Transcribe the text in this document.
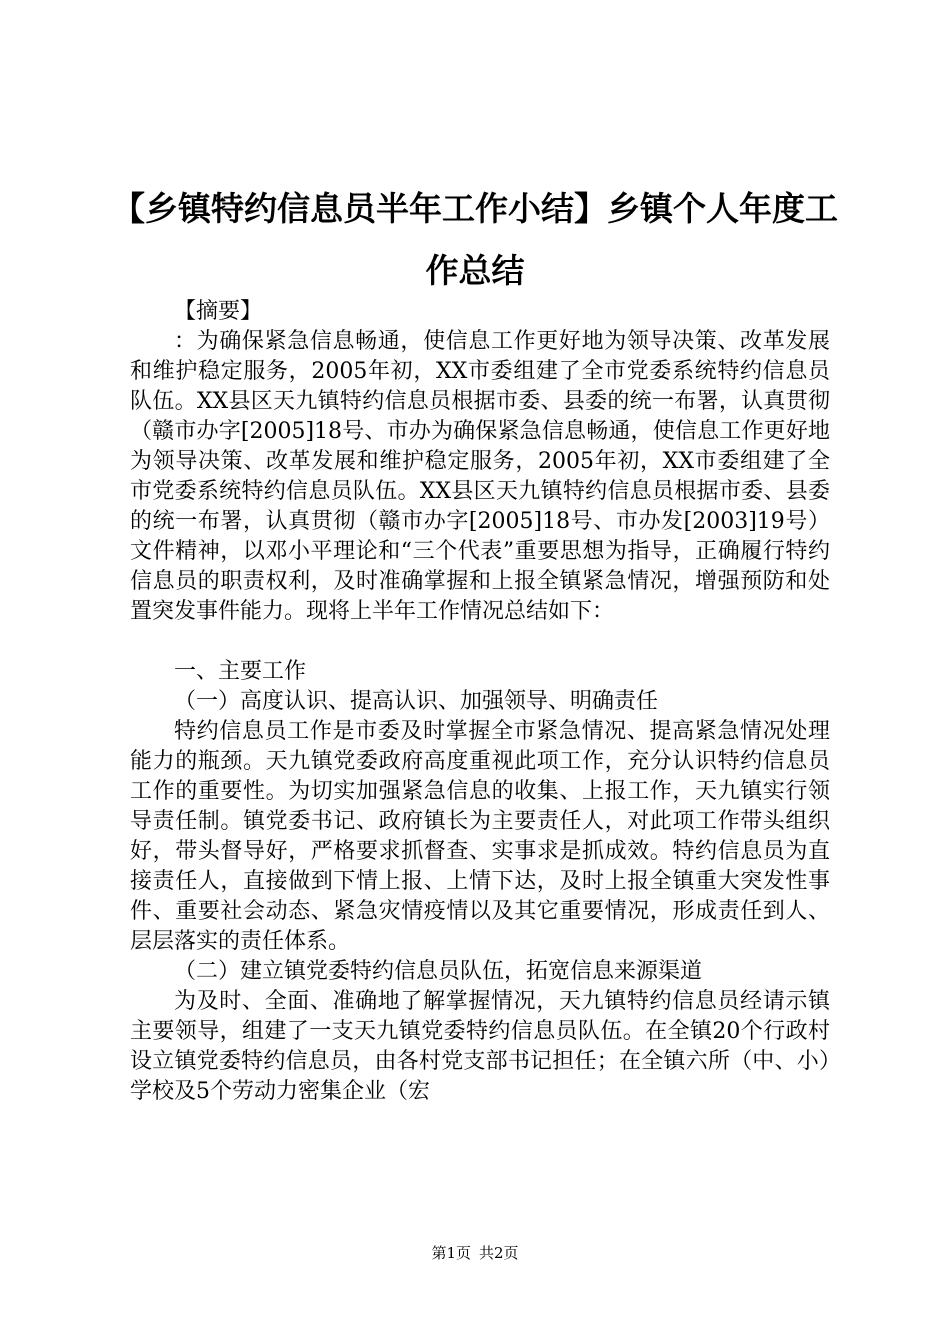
【乡镇特约信息员半年工作小结】乡镇个人年度工作总结

【摘要】

：为确保紧急信息畅通，使信息工作更好地为领导决策、改革发展和维护稳定服务，2005年初，XX市委组建了全市党委系统特约信息员队伍。XX县区天九镇特约信息员根据市委、县委的统一布署，认真贯彻（赣市办字[2005]18号、市办为确保紧急信息畅通，使信息工作更好地为领导决策、改革发展和维护稳定服务，2005年初，XX市委组建了全市党委系统特约信息员队伍。XX县区天九镇特约信息员根据市委、县委的统一布署，认真贯彻（赣市办字[2005]18号、市办发[2003]19号）文件精神，以邓小平理论和“三个代表”重要思想为指导，正确履行特约信息员的职责权利，及时准确掌握和上报全镇紧急情况，增强预防和处置突发事件能力。现将上半年工作情况总结如下：

一、主要工作

（一）高度认识、提高认识、加强领导、明确责任

特约信息员工作是市委及时掌握全市紧急情况、提高紧急情况处理能力的瓶颈。天九镇党委政府高度重视此项工作，充分认识特约信息员工作的重要性。为切实加强紧急信息的收集、上报工作，天九镇实行领导责任制。镇党委书记、政府镇长为主要责任人，对此项工作带头组织好，带头督导好，严格要求抓督查、实事求是抓成效。特约信息员为直接责任人，直接做到下情上报、上情下达，及时上报全镇重大突发性事件、重要社会动态、紧急灾情疫情以及其它重要情况，形成责任到人、层层落实的责任体系。

（二）建立镇党委特约信息员队伍，拓宽信息来源渠道

为及时、全面、准确地了解掌握情况，天九镇特约信息员经请示镇主要领导，组建了一支天九镇党委特约信息员队伍。在全镇20个行政村设立镇党委特约信息员，由各村党支部书记担任；在全镇六所（中、小）学校及5个劳动力密集企业（宏

第1页 共2页
